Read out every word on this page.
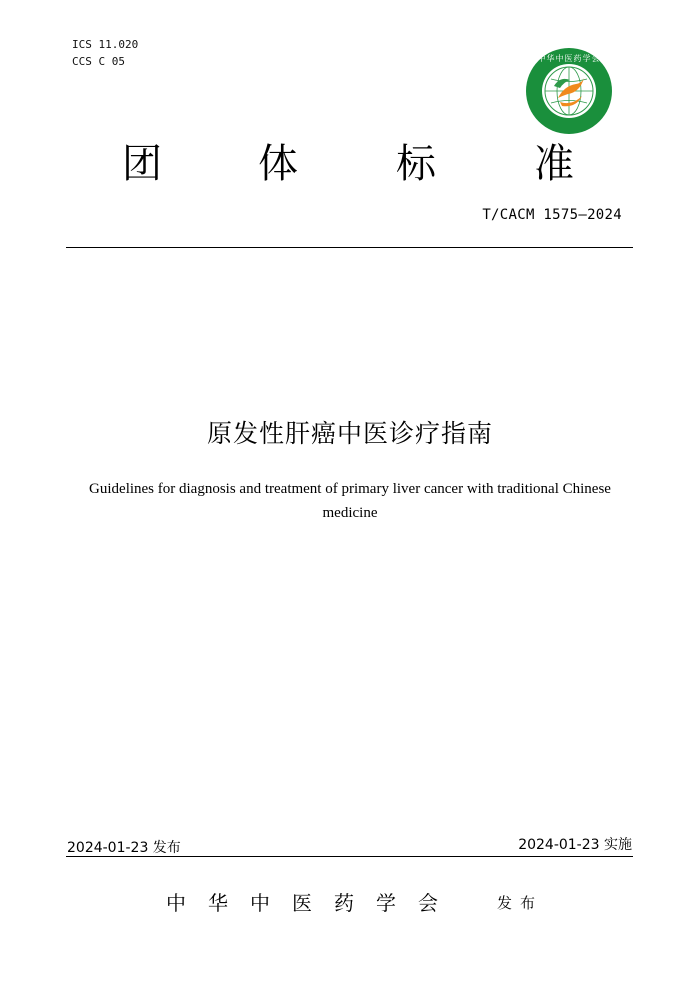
ICS 11.020
CCS C 05	中华中医药学会
团 体 标 准
T/CACM 1575—2024
原发性肝癌中医诊疗指南
Guidelines for diagnosis and treatment of primary liver cancer with traditional Chinese
medicine
2024-01-23 发布	2024-01-23 实施
中华中医药学会 发布
